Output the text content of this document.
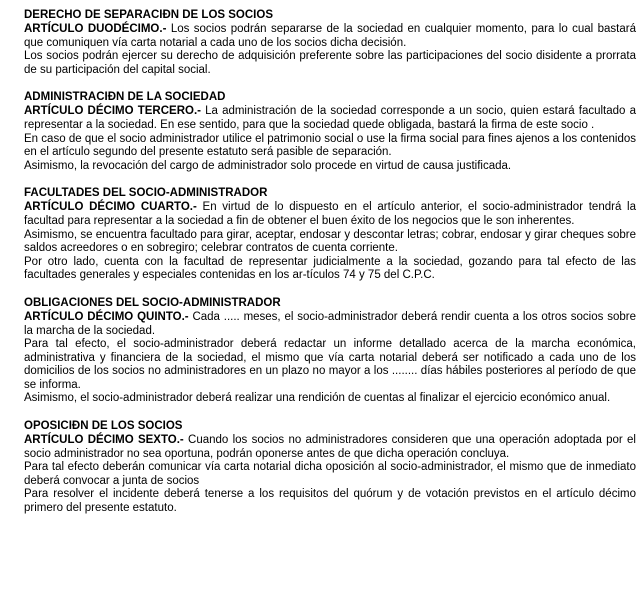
DERECHO DE SEPARACIÐN DE LOS SOCIOS

ARTÍCULO DUODÉCIMO.- Los socios podrán separarse de la sociedad en cualquier momento, para lo cual bastará que comuniquen vía carta notarial a cada uno de los socios dicha decisión.

Los socios podrán ejercer su derecho de adquisición preferente sobre las participaciones del socio disidente a prorrata de su participación del capital social.

ADMINISTRACIÐN DE LA SOCIEDAD

ARTÍCULO DÉCIMO TERCERO.- La administración de la sociedad corresponde a un socio, quien estará facultado a representar a la sociedad. En ese sentido, para que la sociedad quede obligada, bastará la firma de este socio .

En caso de que el socio administrador utilice el patrimonio social o use la firma social para fines ajenos a los contenidos en el artículo segundo del presente estatuto será pasible de separación.

Asimismo, la revocación del cargo de administrador solo procede en virtud de causa justificada.

FACULTADES DEL SOCIO-ADMINISTRADOR

ARTÍCULO DÉCIMO CUARTO.- En virtud de lo dispuesto en el artículo anterior, el socio-administrador tendrá la facultad para representar a la sociedad a fin de obtener el buen éxito de los negocios que le son inherentes.

Asimismo, se encuentra facultado para girar, aceptar, endosar y descontar letras; cobrar, endosar y girar cheques sobre saldos acreedores o en sobregiro; celebrar contratos de cuenta corriente.

Por otro lado, cuenta con la facultad de representar judicialmente a la sociedad, gozando para tal efecto de las facultades generales y especiales contenidas en los ar-tículos 74 y 75 del C.P.C.

OBLIGACIONES DEL SOCIO-ADMINISTRADOR

ARTÍCULO DÉCIMO QUINTO.- Cada ..... meses, el socio-administrador deberá rendir cuenta a los otros socios sobre la marcha de la sociedad.

Para tal efecto, el socio-administrador deberá redactar un informe detallado acerca de la marcha económica, administrativa y financiera de la sociedad, el mismo que vía carta notarial deberá ser notificado a cada uno de los domicilios de los socios no administradores en un plazo no mayor a los ........ días hábiles posteriores al período de que se informa.

Asimismo, el socio-administrador deberá realizar una rendición de cuentas al finalizar el ejercicio económico anual.

OPOSICIÐN DE LOS SOCIOS

ARTÍCULO DÉCIMO SEXTO.- Cuando los socios no administradores consideren que una operación adoptada por el socio administrador no sea oportuna, podrán oponerse antes de que dicha operación concluya.

Para tal efecto deberán comunicar vía carta notarial dicha oposición al socio-administrador, el mismo que de inmediato deberá convocar a junta de socios

Para resolver el incidente deberá tenerse a los requisitos del quórum y de votación previstos en el artículo décimo primero del presente estatuto.
